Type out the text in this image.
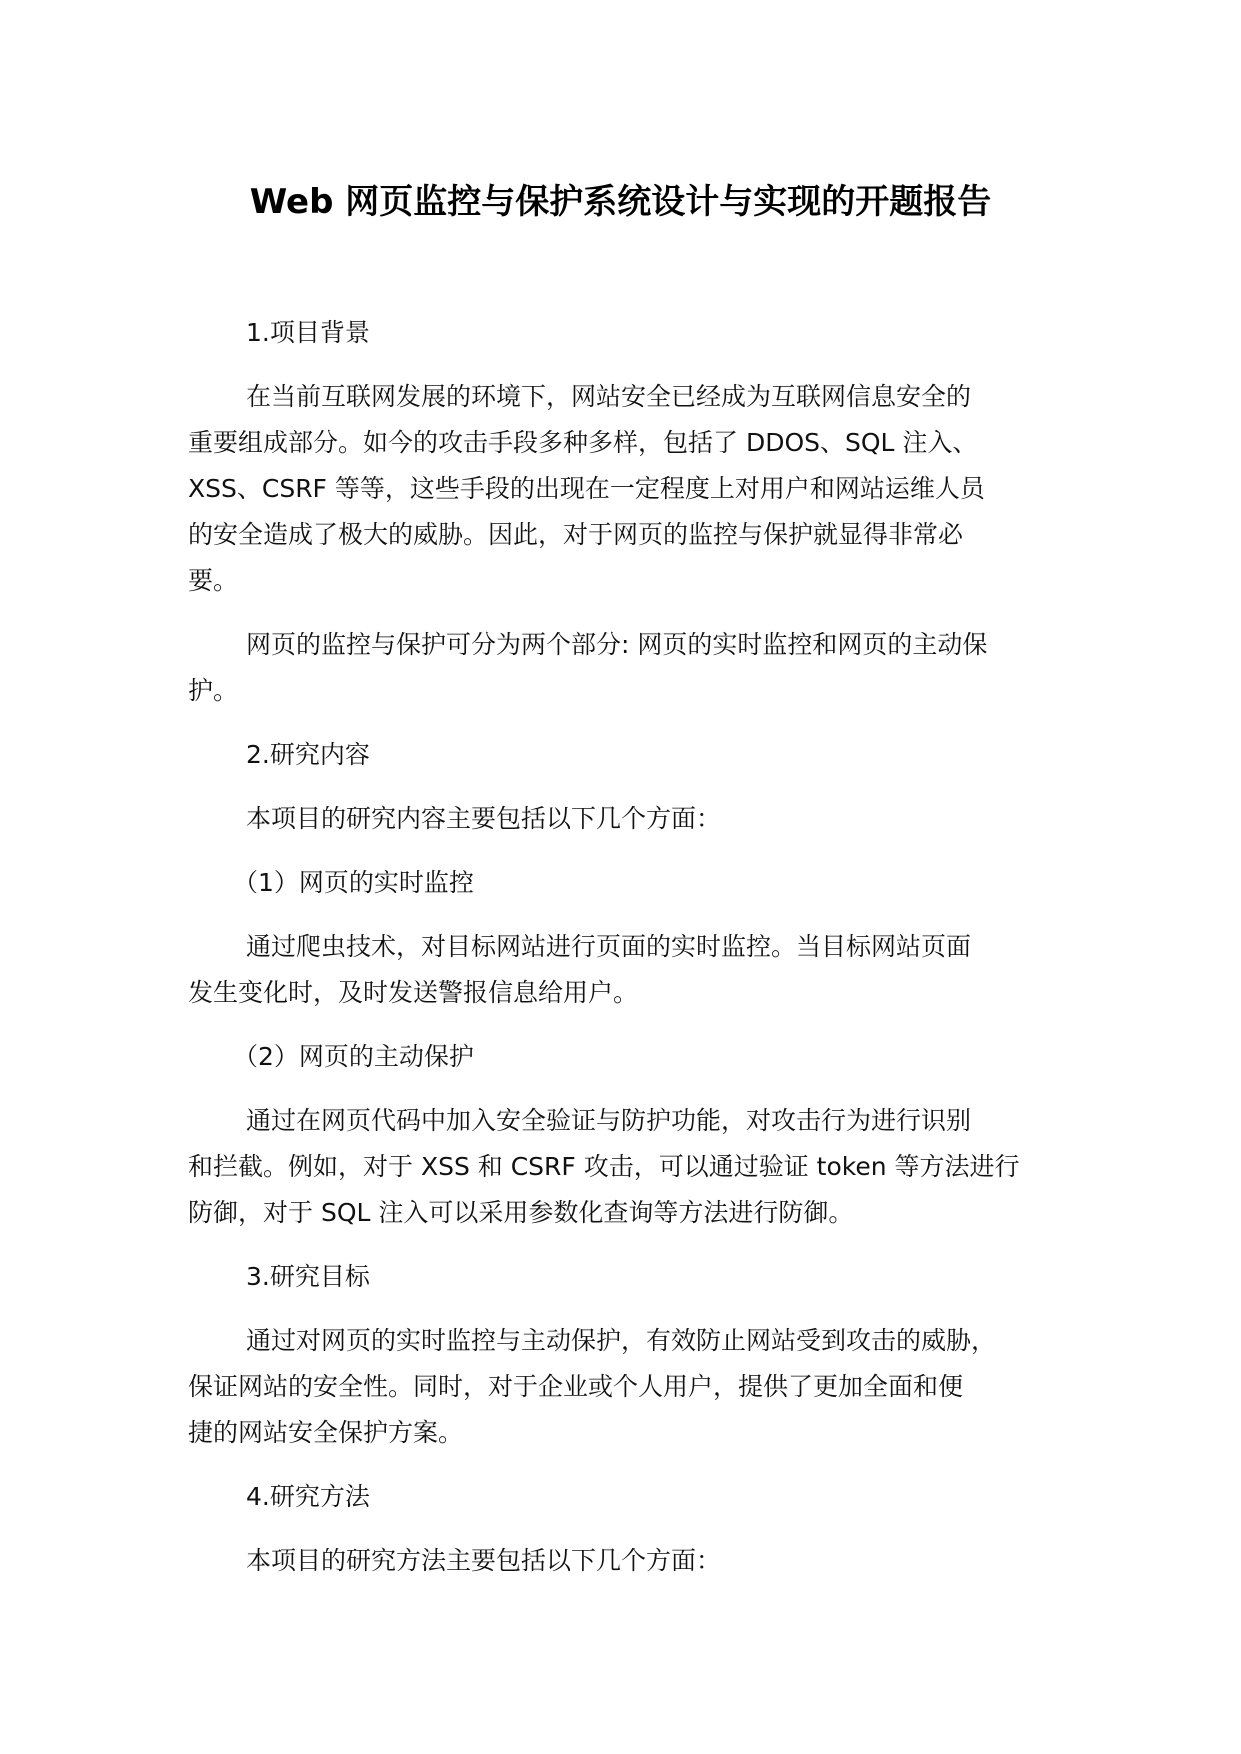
Web 网页监控与保护系统设计与实现的开题报告

1.项目背景

在当前互联网发展的环境下，网站安全已经成为互联网信息安全的
重要组成部分。如今的攻击手段多种多样，包括了 DDOS、SQL 注入、
XSS、CSRF 等等，这些手段的出现在一定程度上对用户和网站运维人员
的安全造成了极大的威胁。因此，对于网页的监控与保护就显得非常必
要。

网页的监控与保护可分为两个部分: 网页的实时监控和网页的主动保
护。

2.研究内容

本项目的研究内容主要包括以下几个方面：

（1）网页的实时监控

通过爬虫技术，对目标网站进行页面的实时监控。当目标网站页面
发生变化时，及时发送警报信息给用户。

（2）网页的主动保护

通过在网页代码中加入安全验证与防护功能，对攻击行为进行识别
和拦截。例如，对于 XSS 和 CSRF 攻击，可以通过验证 token 等方法进行
防御，对于 SQL 注入可以采用参数化查询等方法进行防御。

3.研究目标

通过对网页的实时监控与主动保护，有效防止网站受到攻击的威胁，
保证网站的安全性。同时，对于企业或个人用户，提供了更加全面和便
捷的网站安全保护方案。

4.研究方法

本项目的研究方法主要包括以下几个方面：
